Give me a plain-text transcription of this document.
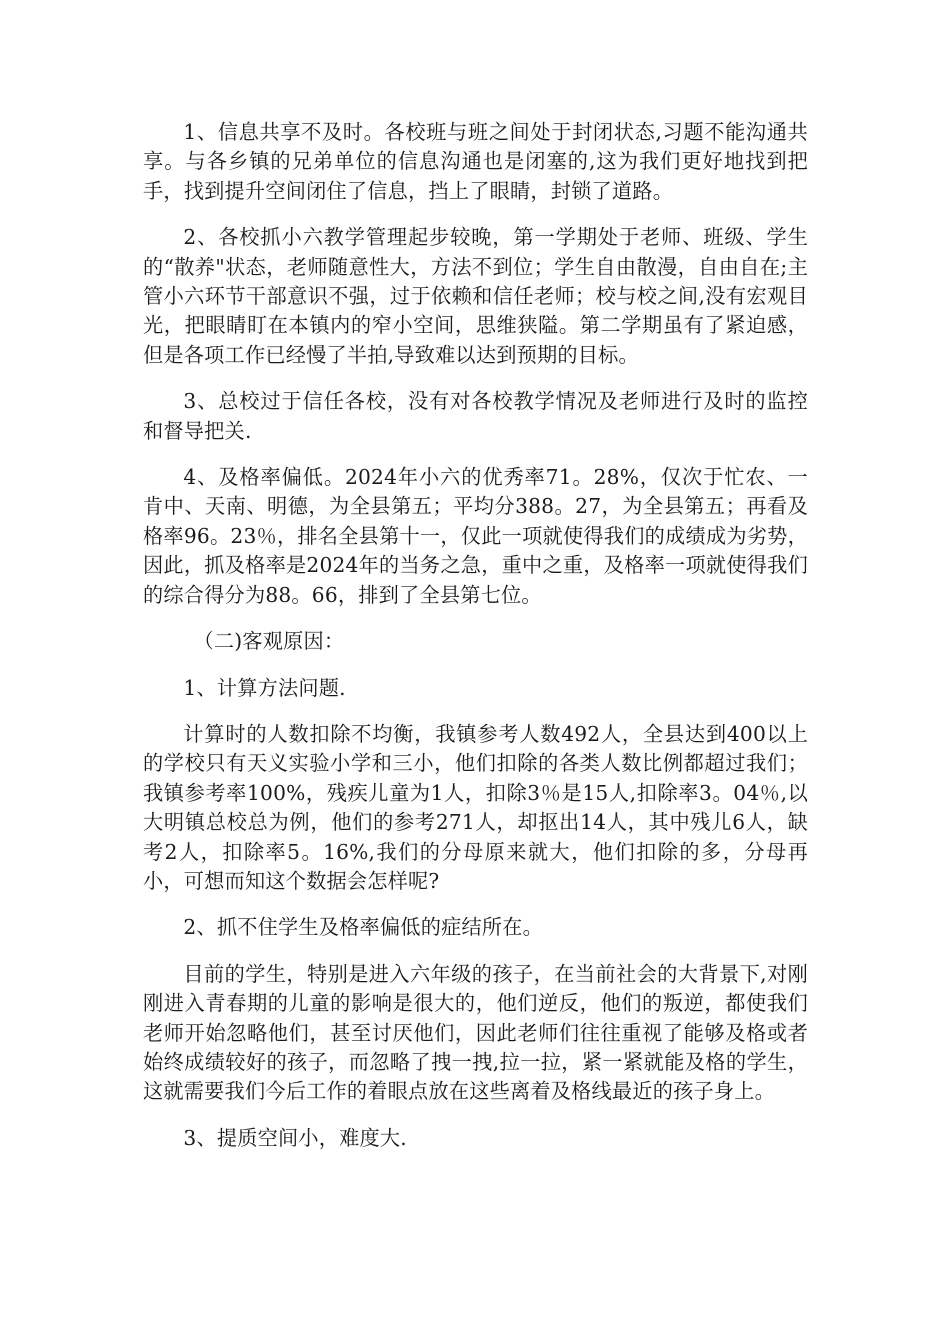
1、信息共享不及时。各校班与班之间处于封闭状态,习题不能沟通共享。与各乡镇的兄弟单位的信息沟通也是闭塞的,这为我们更好地找到把手，找到提升空间闭住了信息，挡上了眼睛，封锁了道路。

2、各校抓小六教学管理起步较晚，第一学期处于老师、班级、学生的“散养"状态，老师随意性大，方法不到位；学生自由散漫，自由自在;主管小六环节干部意识不强，过于依赖和信任老师；校与校之间,没有宏观目光，把眼睛盯在本镇内的窄小空间，思维狭隘。第二学期虽有了紧迫感，但是各项工作已经慢了半拍,导致难以达到预期的目标。

3、总校过于信任各校，没有对各校教学情况及老师进行及时的监控和督导把关.

4、及格率偏低。2024年小六的优秀率71。28%，仅次于忙农、一肯中、天南、明德，为全县第五；平均分388。27，为全县第五；再看及格率96。23％，排名全县第十一，仅此一项就使得我们的成绩成为劣势，因此，抓及格率是2024年的当务之急，重中之重，及格率一项就使得我们的综合得分为88。66，排到了全县第七位。

（二)客观原因：

1、计算方法问题.

计算时的人数扣除不均衡，我镇参考人数492人，全县达到400以上的学校只有天义实验小学和三小，他们扣除的各类人数比例都超过我们；我镇参考率100%，残疾儿童为1人，扣除3％是15人,扣除率3。04％,以大明镇总校总为例，他们的参考271人，却抠出14人，其中残儿6人，缺考2人，扣除率5。16%,我们的分母原来就大，他们扣除的多，分母再小，可想而知这个数据会怎样呢?

2、抓不住学生及格率偏低的症结所在。

目前的学生，特别是进入六年级的孩子，在当前社会的大背景下,对刚刚进入青春期的儿童的影响是很大的，他们逆反，他们的叛逆，都使我们老师开始忽略他们，甚至讨厌他们，因此老师们往往重视了能够及格或者始终成绩较好的孩子，而忽略了拽一拽,拉一拉，紧一紧就能及格的学生，这就需要我们今后工作的着眼点放在这些离着及格线最近的孩子身上。

3、提质空间小，难度大.
